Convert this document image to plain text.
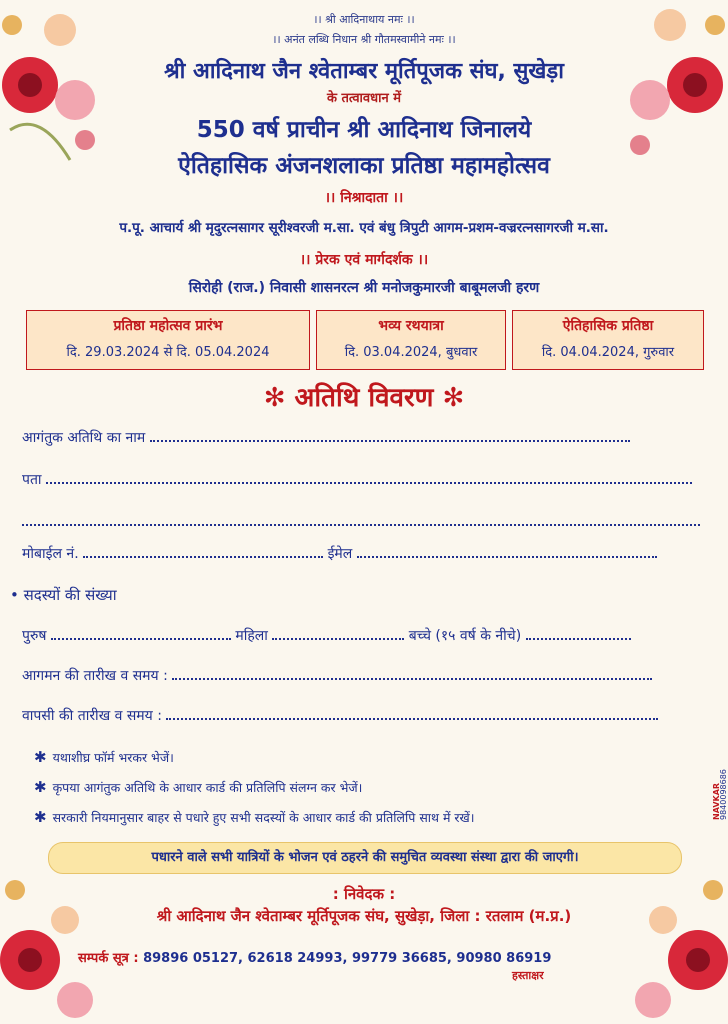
।। श्री आदिनाथाय नमः ।।
।। अनंत लब्धि निधान श्री गौतमस्वामीने नमः ।।
श्री आदिनाथ जैन श्वेताम्बर मूर्तिपूजक संघ, सुखेड़ा
के तत्वावधान में
550 वर्ष प्राचीन श्री आदिनाथ जिनालये
ऐतिहासिक अंजनशलाका प्रतिष्ठा महामहोत्सव
।। निश्रादाता ।।
प.पू. आचार्य श्री मृदुरत्नसागर सूरीश्वरजी म.सा. एवं बंधु त्रिपुटी आगम-प्रशम-वज्ररत्नसागरजी म.सा.
।। प्रेरक एवं मार्गदर्शक ।।
सिरोही (राज.) निवासी शासनरत्न श्री मनोजकुमारजी बाबूमलजी हरण
प्रतिष्ठा महोत्सव प्रारंभ
दि. 29.03.2024 से दि. 05.04.2024
भव्य रथयात्रा
दि. 03.04.2024, बुधवार
ऐतिहासिक प्रतिष्ठा
दि. 04.04.2024, गुरुवार
✻ अतिथि विवरण ✻
आगंतुक अतिथि का नाम
पता
मोबाईल नं.	ईमेल
• सदस्यों की संख्या
पुरुष	महिला	बच्चे (१५ वर्ष के नीचे)
आगमन की तारीख व समय :
वापसी की तारीख व समय :
✱ यथाशीघ्र फॉर्म भरकर भेजें।
✱ कृपया आगंतुक अतिथि के आधार कार्ड की प्रतिलिपि संलग्न कर भेजें।
✱ सरकारी नियमानुसार बाहर से पधारे हुए सभी सदस्यों के आधार कार्ड की प्रतिलिपि साथ में रखें।	NAVKAR
9840098686
पधारने वाले सभी यात्रियों के भोजन एवं ठहरने की समुचित व्यवस्था संस्था द्वारा की जाएगी।
: निवेदक :
श्री आदिनाथ जैन श्वेताम्बर मूर्तिपूजक संघ, सुखेड़ा, जिला : रतलाम (म.प्र.)
सम्पर्क सूत्र : 89896 05127, 62618 24993, 99779 36685, 90980 86919
हस्ताक्षर
